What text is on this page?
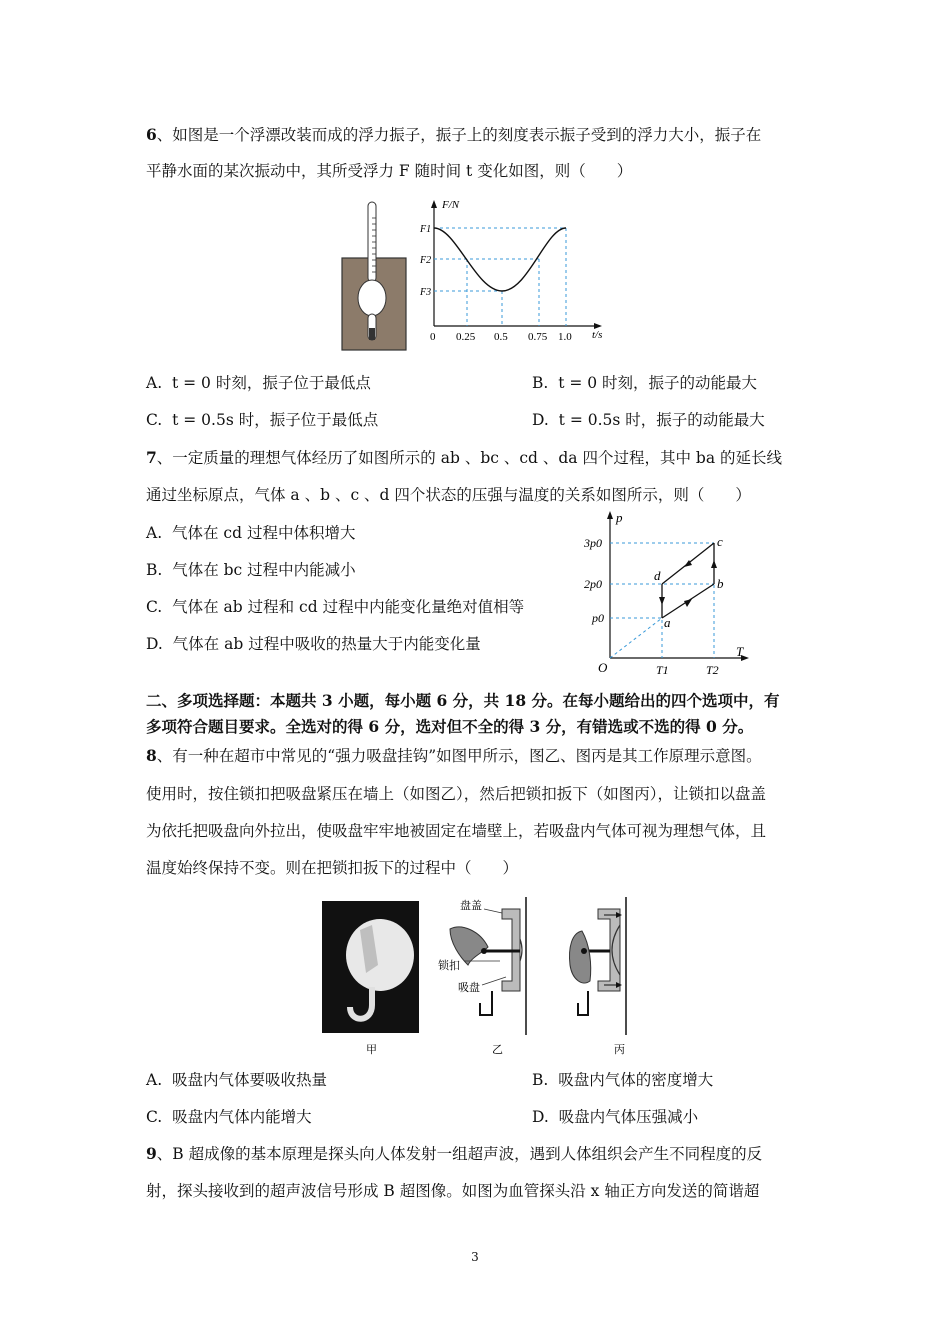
6、如图是一个浮漂改装而成的浮力振子，振子上的刻度表示振子受到的浮力大小，振子在
平静水面的某次振动中，其所受浮力 F 随时间 t 变化如图，则（　　）
F/N
t/s
F1
F2
F3
0 0.25 0.5 0.75 1.0
A. t = 0 时刻，振子位于最低点	B. t = 0 时刻，振子的动能最大
C. t = 0.5s 时，振子位于最低点	D. t = 0.5s 时，振子的动能最大
7、一定质量的理想气体经历了如图所示的 ab 、bc 、cd 、da 四个过程，其中 ba 的延长线
通过坐标原点，气体 a 、b 、c 、d 四个状态的压强与温度的关系如图所示，则（　　）
A. 气体在 cd 过程中体积增大
B. 气体在 bc 过程中内能减小
C. 气体在 ab 过程和 cd 过程中内能变化量绝对值相等
D. 气体在 ab 过程中吸收的热量大于内能变化量
p
T
O
3p0
2p0
p0
T1	T2
a
b
c
d
二、多项选择题：本题共 3 小题，每小题 6 分，共 18 分。在每小题给出的四个选项中，有
多项符合题目要求。全选对的得 6 分，选对但不全的得 3 分，有错选或不选的得 0 分。
8、有一种在超市中常见的“强力吸盘挂钩”如图甲所示，图乙、图丙是其工作原理示意图。
使用时，按住锁扣把吸盘紧压在墙上（如图乙），然后把锁扣扳下（如图丙），让锁扣以盘盖
为依托把吸盘向外拉出，使吸盘牢牢地被固定在墙壁上，若吸盘内气体可视为理想气体，且
温度始终保持不变。则在把锁扣扳下的过程中（　　）
盘盖
锁扣
吸盘
甲	乙	丙
A. 吸盘内气体要吸收热量	B. 吸盘内气体的密度增大
C. 吸盘内气体内能增大	D. 吸盘内气体压强减小
9、B 超成像的基本原理是探头向人体发射一组超声波，遇到人体组织会产生不同程度的反
射，探头接收到的超声波信号形成 B 超图像。如图为血管探头沿 x 轴正方向发送的简谐超
3
